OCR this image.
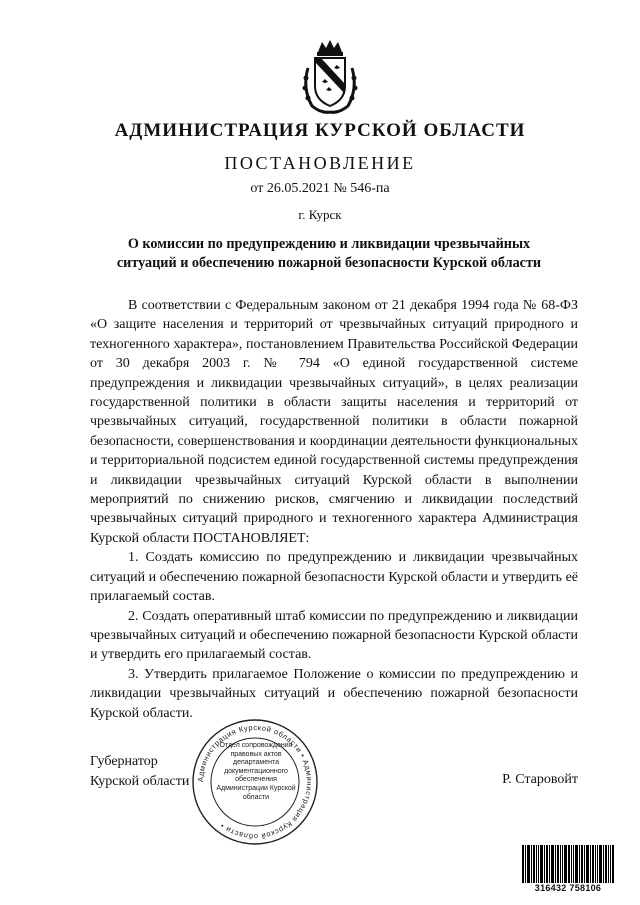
АДМИНИСТРАЦИЯ КУРСКОЙ ОБЛАСТИ
ПОСТАНОВЛЕНИЕ
от 26.05.2021 № 546-па
г. Курск
О комиссии по предупреждению и ликвидации чрезвычайных
ситуаций и обеспечению пожарной безопасности Курской области

В соответствии с Федеральным законом от 21 декабря 1994 года № 68-ФЗ «О защите населения и территорий от чрезвычайных ситуаций природного и техногенного характера», постановлением Правительства Российской Федерации от 30 декабря 2003 г. № 794 «О единой государственной системе предупреждения и ликвидации чрезвычайных ситуаций», в целях реализации государственной политики в области защиты населения и территорий от чрезвычайных ситуаций, государственной политики в области пожарной безопасности, совершенствования и координации деятельности функциональных и территориальной подсистем единой государственной системы предупреждения и ликвидации чрезвычайных ситуаций Курской области в выполнении мероприятий по снижению рисков, смягчению и ликвидации последствий чрезвычайных ситуаций природного и техногенного характера Администрация Курской области ПОСТАНОВЛЯЕТ:

1. Создать комиссию по предупреждению и ликвидации чрезвычайных ситуаций и обеспечению пожарной безопасности Курской области и утвердить её прилагаемый состав.

2. Создать оперативный штаб комиссии по предупреждению и ликвидации чрезвычайных ситуаций и обеспечению пожарной безопасности Курской области и утвердить его прилагаемый состав.

3. Утвердить прилагаемое Положение о комиссии по предупреждению и ликвидации чрезвычайных ситуаций и обеспечению пожарной безопасности Курской области.

Губернатор
Курской области	Р. Старовойт
Администрация Курской области • Администрация Курской области •
Отдел сопровождения правовых актов департамента документационного обеспечения Администрации Курской области
316432 758106
